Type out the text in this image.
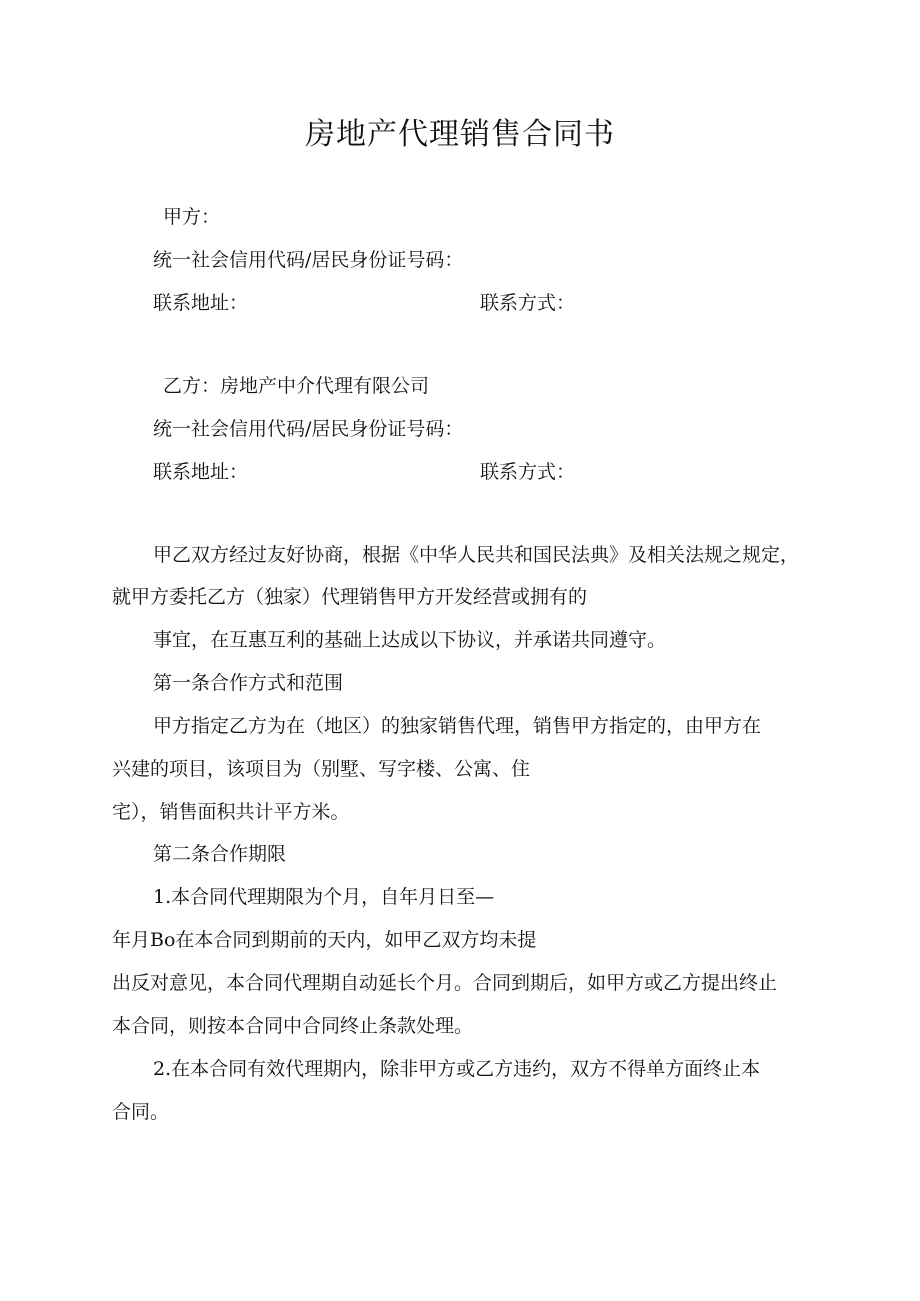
房地产代理销售合同书
甲方：
统一社会信用代码/居民身份证号码：
联系地址：	联系方式：
乙方：房地产中介代理有限公司
统一社会信用代码/居民身份证号码：
联系地址：	联系方式：
甲乙双方经过友好协商，根据《中华人民共和国民法典》及相关法规之规定，
就甲方委托乙方（独家）代理销售甲方开发经营或拥有的
事宜，在互惠互利的基础上达成以下协议，并承诺共同遵守。
第一条合作方式和范围
甲方指定乙方为在（地区）的独家销售代理，销售甲方指定的，由甲方在
兴建的项目，该项目为（别墅、写字楼、公寓、住
宅），销售面积共计平方米。
第二条合作期限
1.本合同代理期限为个月，自年月日至—
年月Bo在本合同到期前的天内，如甲乙双方均未提
出反对意见，本合同代理期自动延长个月。合同到期后，如甲方或乙方提出终止
本合同，则按本合同中合同终止条款处理。
2.在本合同有效代理期内，除非甲方或乙方违约，双方不得单方面终止本
合同。
